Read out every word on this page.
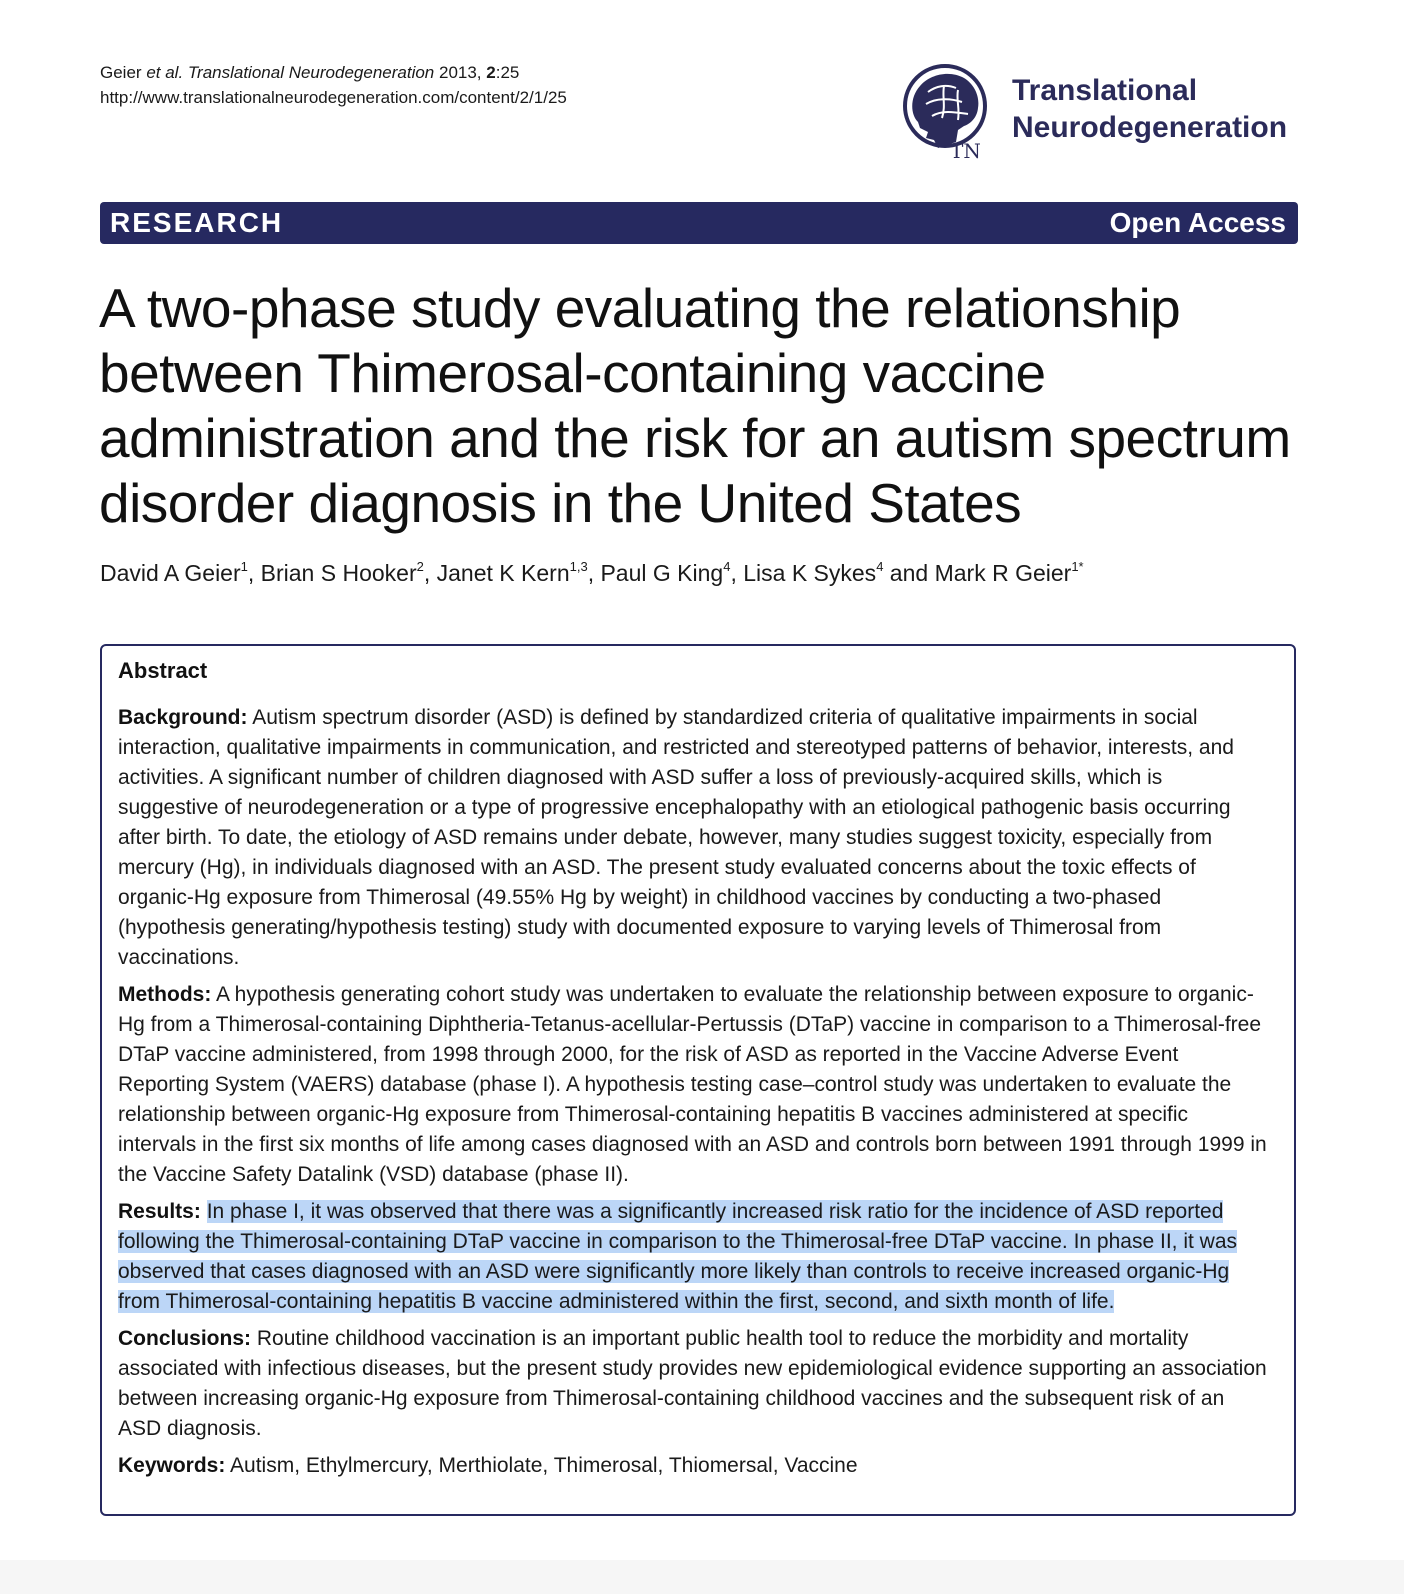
Geier et al. Translational Neurodegeneration 2013, 2:25
http://www.translationalneurodegeneration.com/content/2/1/25
TN
Translational
Neurodegeneration
RESEARCH	Open Access
A two-phase study evaluating the relationship between Thimerosal-containing vaccine administration and the risk for an autism spectrum disorder diagnosis in the United States
David A Geier$^1$, Brian S Hooker$^2$, Janet K Kern$^{1,3}$, Paul G King$^4$, Lisa K Sykes$^4$ and Mark R Geier$^{1*}$
Abstract

Background: Autism spectrum disorder (ASD) is defined by standardized criteria of qualitative impairments in social interaction, qualitative impairments in communication, and restricted and stereotyped patterns of behavior, interests, and activities. A significant number of children diagnosed with ASD suffer a loss of previously-acquired skills, which is suggestive of neurodegeneration or a type of progressive encephalopathy with an etiological pathogenic basis occurring after birth. To date, the etiology of ASD remains under debate, however, many studies suggest toxicity, especially from mercury (Hg), in individuals diagnosed with an ASD. The present study evaluated concerns about the toxic effects of organic-Hg exposure from Thimerosal (49.55% Hg by weight) in childhood vaccines by conducting a two-phased (hypothesis generating/hypothesis testing) study with documented exposure to varying levels of Thimerosal from vaccinations.

Methods: A hypothesis generating cohort study was undertaken to evaluate the relationship between exposure to organic-Hg from a Thimerosal-containing Diphtheria-Tetanus-acellular-Pertussis (DTaP) vaccine in comparison to a Thimerosal-free DTaP vaccine administered, from 1998 through 2000, for the risk of ASD as reported in the Vaccine Adverse Event Reporting System (VAERS) database (phase I). A hypothesis testing case–control study was undertaken to evaluate the relationship between organic-Hg exposure from Thimerosal-containing hepatitis B vaccines administered at specific intervals in the first six months of life among cases diagnosed with an ASD and controls born between 1991 through 1999 in the Vaccine Safety Datalink (VSD) database (phase II).

Results: In phase I, it was observed that there was a significantly increased risk ratio for the incidence of ASD reported following the Thimerosal-containing DTaP vaccine in comparison to the Thimerosal-free DTaP vaccine. In phase II, it was observed that cases diagnosed with an ASD were significantly more likely than controls to receive increased organic-Hg from Thimerosal-containing hepatitis B vaccine administered within the first, second, and sixth month of life.

Conclusions: Routine childhood vaccination is an important public health tool to reduce the morbidity and mortality associated with infectious diseases, but the present study provides new epidemiological evidence supporting an association between increasing organic-Hg exposure from Thimerosal-containing childhood vaccines and the subsequent risk of an ASD diagnosis.

Keywords: Autism, Ethylmercury, Merthiolate, Thimerosal, Thiomersal, Vaccine
